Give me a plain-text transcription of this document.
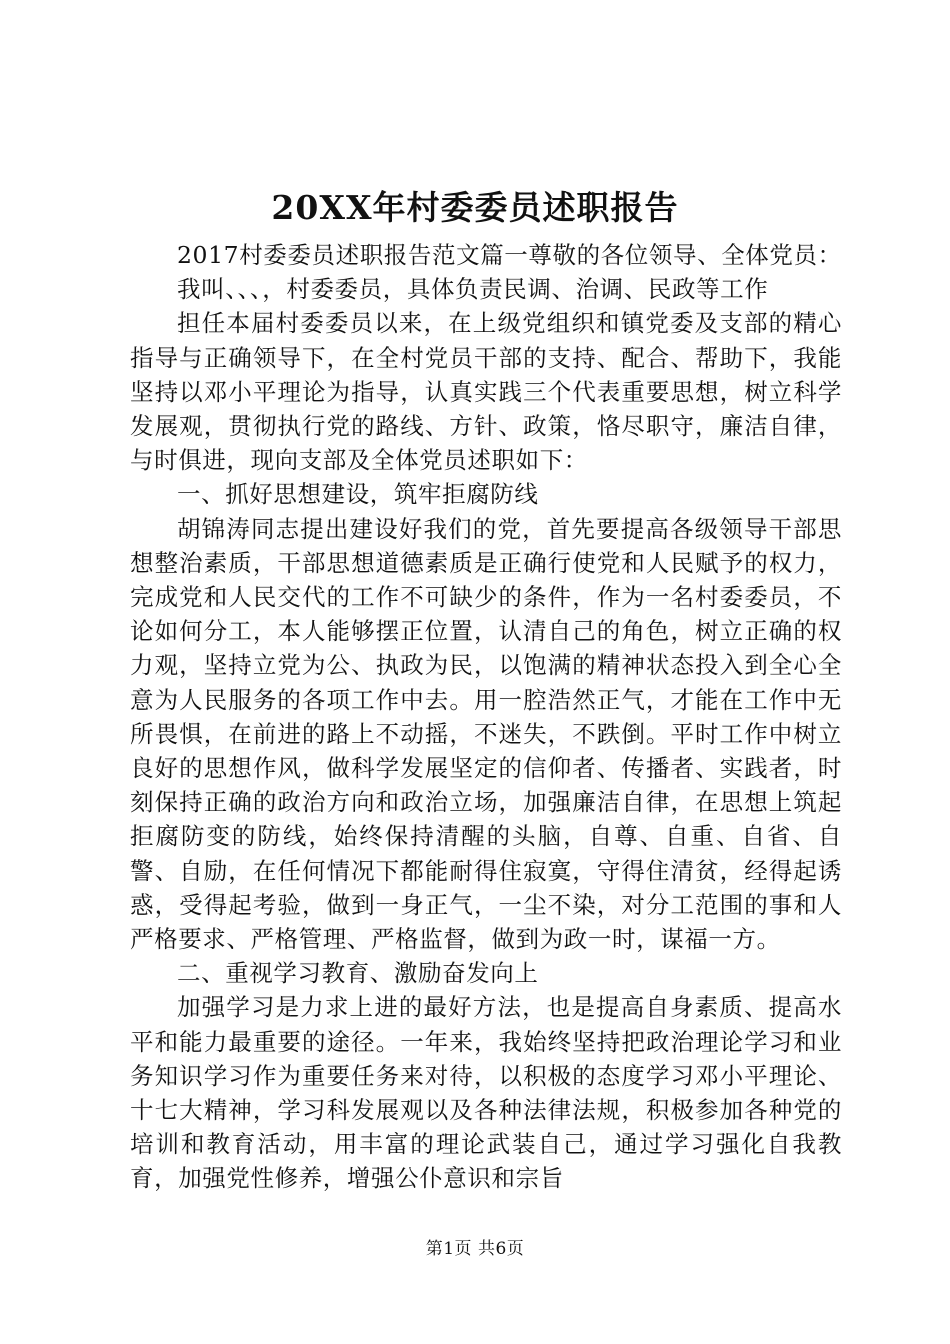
20XX年村委委员述职报告

2017村委委员述职报告范文篇一尊敬的各位领导、全体党员：

我叫、、、，村委委员，具体负责民调、治调、民政等工作

担任本届村委委员以来，在上级党组织和镇党委及支部的精心指导与正确领导下，在全村党员干部的支持、配合、帮助下，我能坚持以邓小平理论为指导，认真实践三个代表重要思想，树立科学发展观，贯彻执行党的路线、方针、政策，恪尽职守，廉洁自律，与时俱进，现向支部及全体党员述职如下：

一、抓好思想建设，筑牢拒腐防线

胡锦涛同志提出建设好我们的党，首先要提高各级领导干部思想整治素质，干部思想道德素质是正确行使党和人民赋予的权力，完成党和人民交代的工作不可缺少的条件，作为一名村委委员，不论如何分工，本人能够摆正位置，认清自己的角色，树立正确的权力观，坚持立党为公、执政为民，以饱满的精神状态投入到全心全意为人民服务的各项工作中去。用一腔浩然正气，才能在工作中无所畏惧，在前进的路上不动摇，不迷失，不跌倒。平时工作中树立良好的思想作风，做科学发展坚定的信仰者、传播者、实践者，时刻保持正确的政治方向和政治立场，加强廉洁自律，在思想上筑起拒腐防变的防线，始终保持清醒的头脑，自尊、自重、自省、自警、自励，在任何情况下都能耐得住寂寞，守得住清贫，经得起诱惑，受得起考验，做到一身正气，一尘不染，对分工范围的事和人严格要求、严格管理、严格监督，做到为政一时，谋福一方。

二、重视学习教育、激励奋发向上

加强学习是力求上进的最好方法，也是提高自身素质、提高水平和能力最重要的途径。一年来，我始终坚持把政治理论学习和业务知识学习作为重要任务来对待，以积极的态度学习邓小平理论、十七大精神，学习科发展观以及各种法律法规，积极参加各种党的培训和教育活动，用丰富的理论武装自己，通过学习强化自我教育，加强党性修养，增强公仆意识和宗旨

第1页 共6页
